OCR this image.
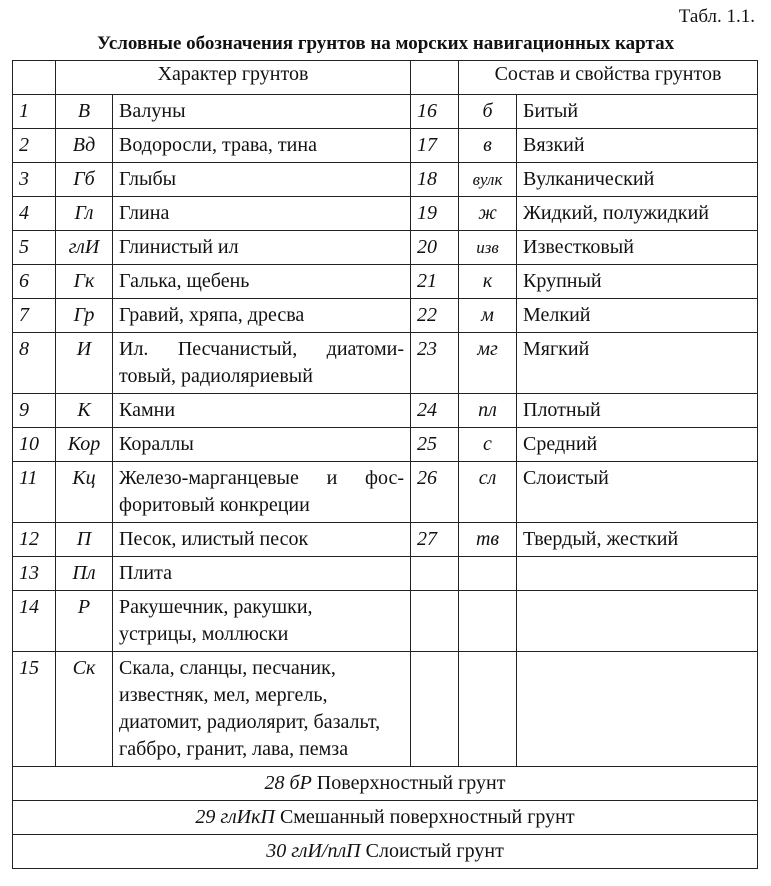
Табл. 1.1.
Условные обозначения грунтов на морских навигационных картах
	Характер грунтов			Состав и свойства грунтов	
1	В	Валуны	16	б	Битый
2	Вд	Водоросли, трава, тина	17	в	Вязкий
3	Гб	Глыбы	18	вулк	Вулканический
4	Гл	Глина	19	ж	Жидкий, полужидкий
5	глИ	Глинистый ил	20	изв	Известковый
6	Гк	Галька, щебень	21	к	Крупный
7	Гр	Гравий, хряпа, дресва	22	м	Мелкий
8	И	Ил. Песчанистый, диатоми-
товый, радиоляриевый	23	мг	Мягкий
9	К	Камни	24	пл	Плотный
10	Кор	Кораллы	25	с	Средний
11	Кц	Железо-марганцевые и фос-
форитовый конкреции	26	сл	Слоистый
12	П	Песок, илистый песок	27	тв	Твердый, жесткий
13	Пл	Плита			
14	Р	Ракушечник, ракушки,
устрицы, моллюски			

15	Ск	Скала, сланцы, песчаник,
известняк, мел, мергель,
диатомит, радиолярит, базальт,
габбро, гранит, лава, пемза			

28 бР Поверхностный грунт					
29 глИкП Смешанный поверхностный грунт					
30 глИ/плП Слоистый грунт					
